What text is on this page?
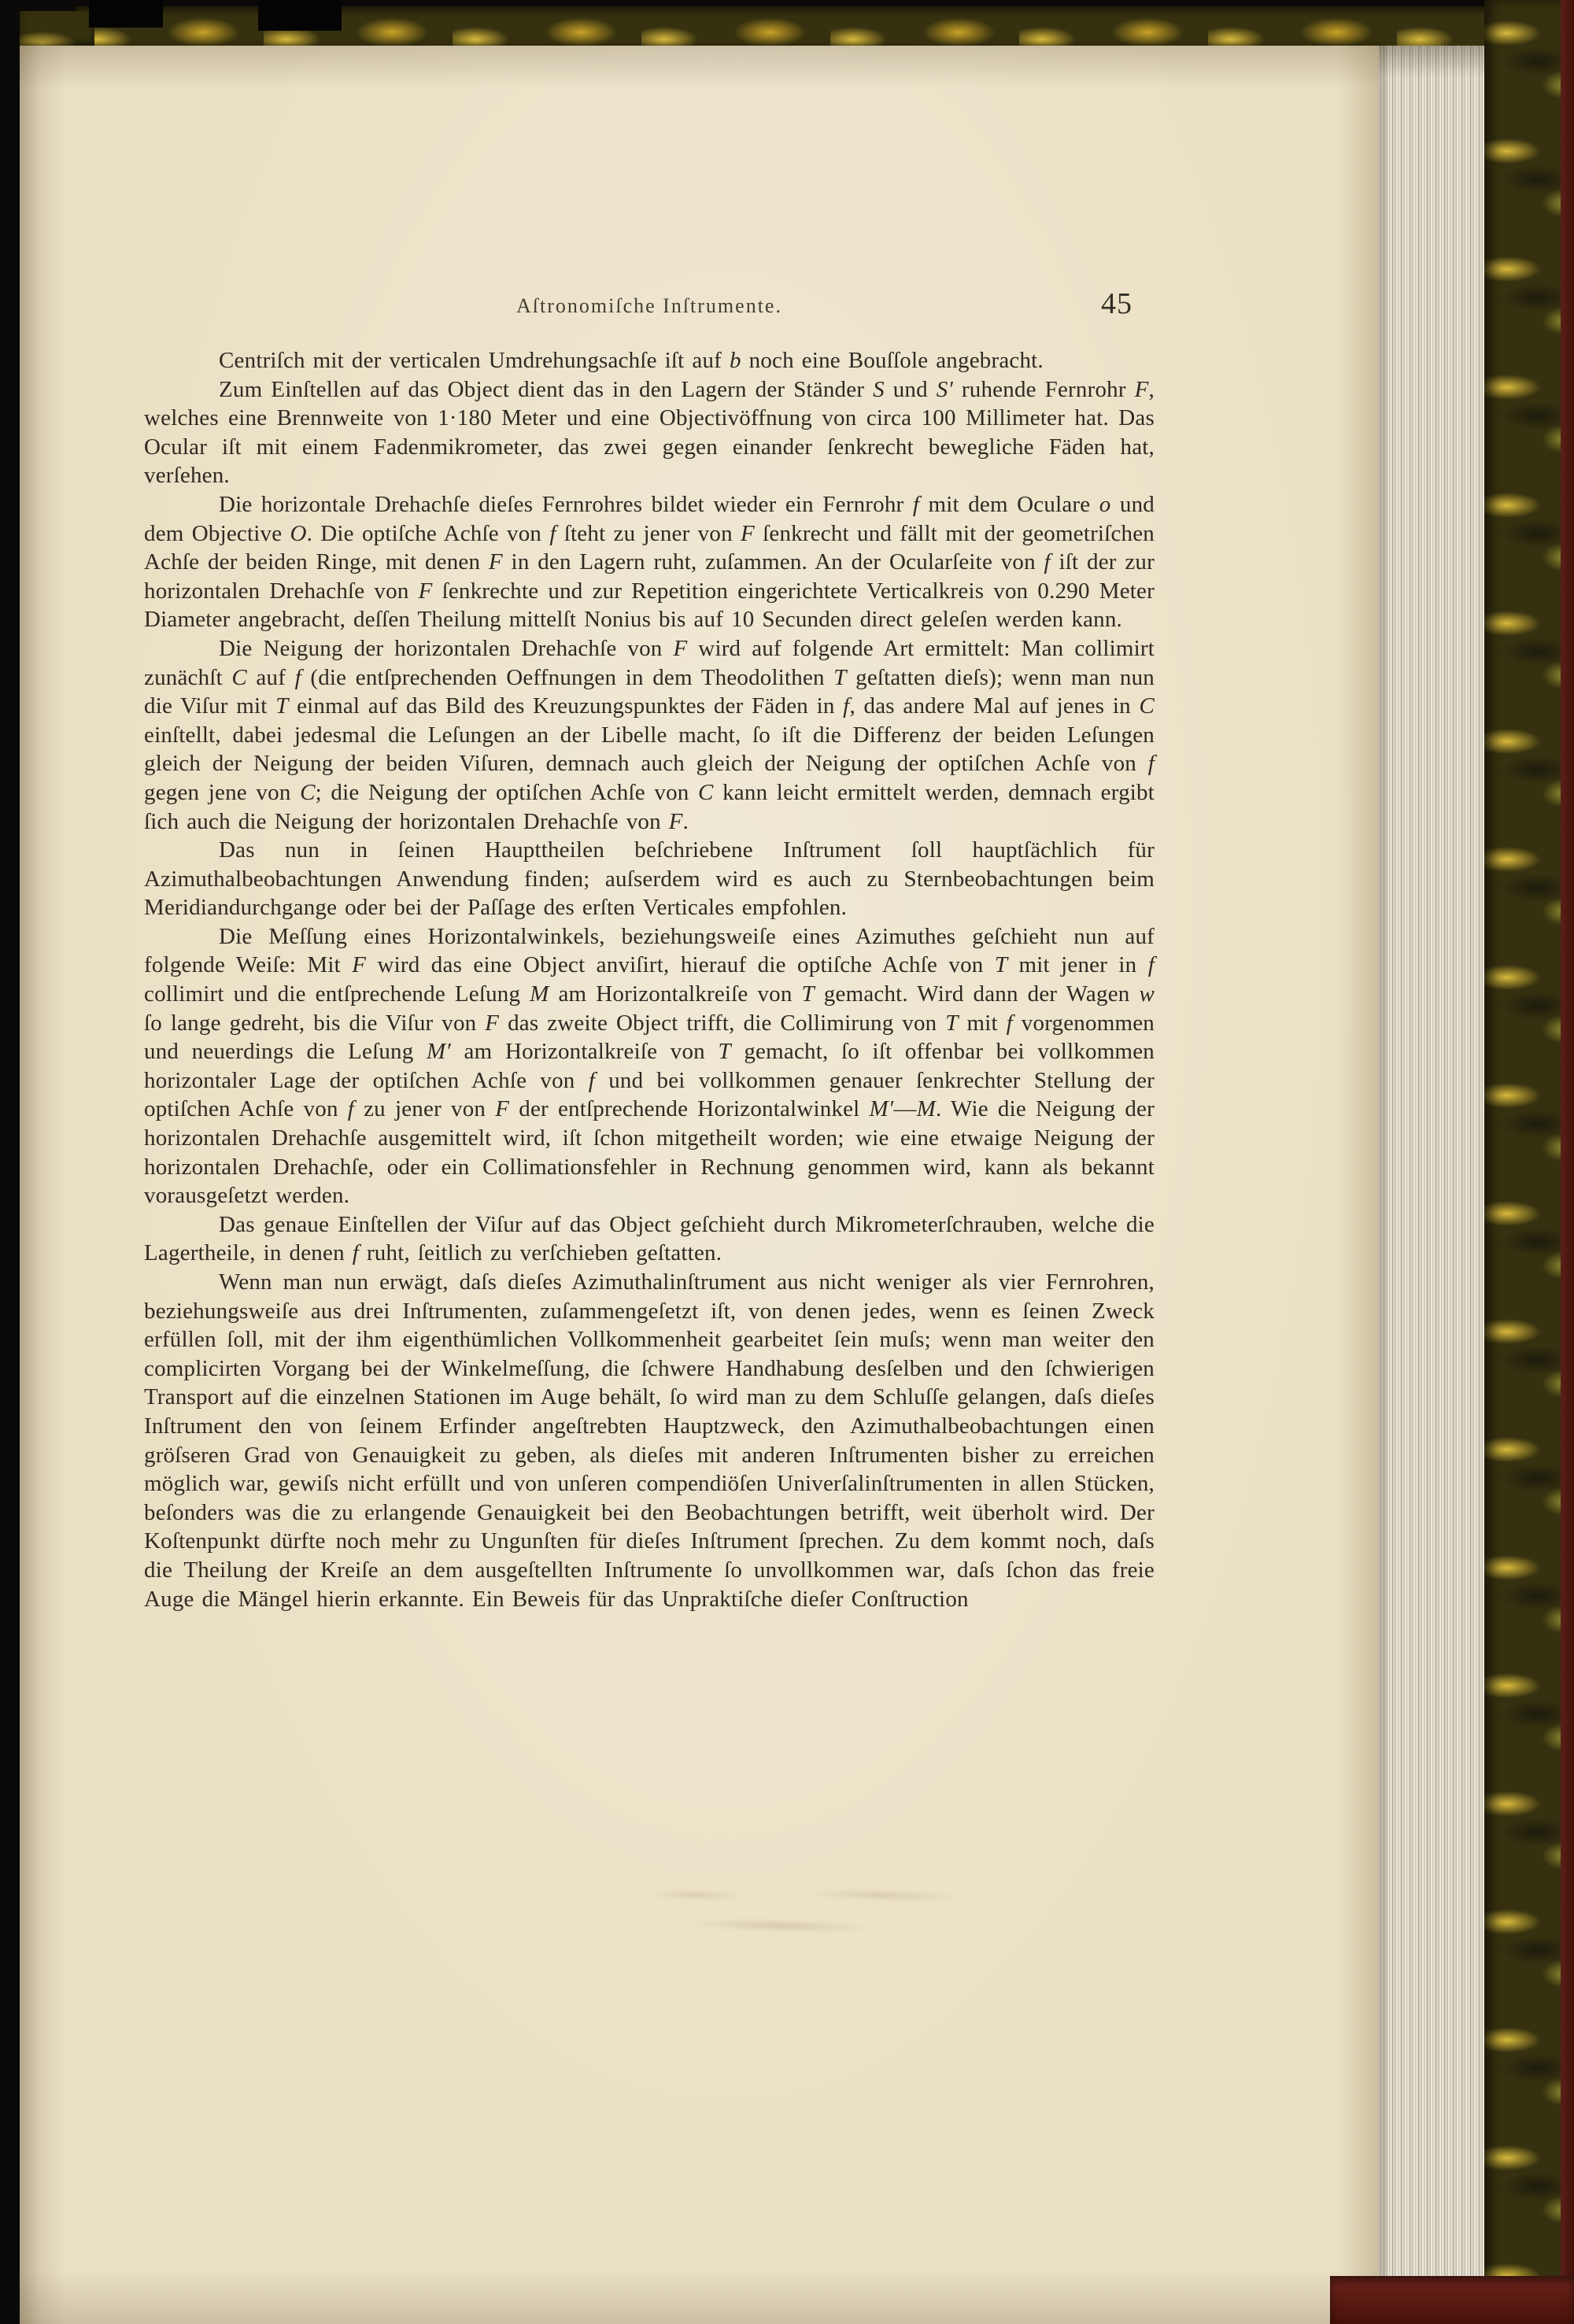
Aſtronomiſche Inſtrumente.	45

Centriſch mit der verticalen Umdrehungsachſe iſt auf b noch eine Bouſſole angebracht.

Zum Einſtellen auf das Object dient das in den Lagern der Ständer S und S′ ruhende Fernrohr F, welches eine Brennweite von 1·180 Meter und eine Objectivöffnung von circa 100 Millimeter hat. Das Ocular iſt mit einem Fadenmikrometer, das zwei gegen einander ſenkrecht bewegliche Fäden hat, verſehen.

Die horizontale Drehachſe dieſes Fernrohres bildet wieder ein Fernrohr f mit dem Oculare o und dem Objective O. Die optiſche Achſe von f ſteht zu jener von F ſenkrecht und fällt mit der geometriſchen Achſe der beiden Ringe, mit denen F in den Lagern ruht, zuſammen. An der Ocularſeite von f iſt der zur horizontalen Drehachſe von F ſenkrechte und zur Repetition eingerichtete Verticalkreis von 0.290 Meter Diameter angebracht, deſſen Theilung mittelſt Nonius bis auf 10 Secunden direct geleſen werden kann.

Die Neigung der horizontalen Drehachſe von F wird auf folgende Art ermittelt: Man collimirt zunächſt C auf f (die entſprechenden Oeffnungen in dem Theodolithen T geſtatten dieſs); wenn man nun die Viſur mit T einmal auf das Bild des Kreuzungspunktes der Fäden in f, das andere Mal auf jenes in C einſtellt, dabei jedesmal die Leſungen an der Libelle macht, ſo iſt die Differenz der beiden Leſungen gleich der Neigung der beiden Viſuren, demnach auch gleich der Neigung der optiſchen Achſe von f gegen jene von C; die Neigung der optiſchen Achſe von C kann leicht ermittelt werden, demnach ergibt ſich auch die Neigung der horizontalen Drehachſe von F.

Das nun in ſeinen Haupttheilen beſchriebene Inſtrument ſoll hauptſächlich für Azimuthalbeobachtungen Anwendung finden; auſserdem wird es auch zu Sternbeobachtungen beim Meridiandurchgange oder bei der Paſſage des erſten Verticales empfohlen.

Die Meſſung eines Horizontalwinkels, beziehungsweiſe eines Azimuthes geſchieht nun auf folgende Weiſe: Mit F wird das eine Object anviſirt, hierauf die optiſche Achſe von T mit jener in f collimirt und die entſprechende Leſung M am Horizontalkreiſe von T gemacht. Wird dann der Wagen w ſo lange gedreht, bis die Viſur von F das zweite Object trifft, die Collimirung von T mit f vorgenommen und neuerdings die Leſung M′ am Horizontalkreiſe von T gemacht, ſo iſt offenbar bei vollkommen horizontaler Lage der optiſchen Achſe von f und bei vollkommen genauer ſenkrechter Stellung der optiſchen Achſe von f zu jener von F der entſprechende Horizontalwinkel M′—M. Wie die Neigung der horizontalen Drehachſe ausgemittelt wird, iſt ſchon mitgetheilt worden; wie eine etwaige Neigung der horizontalen Drehachſe, oder ein Collimationsfehler in Rechnung genommen wird, kann als bekannt vorausgeſetzt werden.

Das genaue Einſtellen der Viſur auf das Object geſchieht durch Mikrometerſchrauben, welche die Lagertheile, in denen f ruht, ſeitlich zu verſchieben geſtatten.

Wenn man nun erwägt, daſs dieſes Azimuthalinſtrument aus nicht weniger als vier Fernrohren, beziehungsweiſe aus drei Inſtrumenten, zuſammengeſetzt iſt, von denen jedes, wenn es ſeinen Zweck erfüllen ſoll, mit der ihm eigenthümlichen Vollkommenheit gearbeitet ſein muſs; wenn man weiter den complicirten Vorgang bei der Winkelmeſſung, die ſchwere Handhabung desſelben und den ſchwierigen Transport auf die einzelnen Stationen im Auge behält, ſo wird man zu dem Schluſſe gelangen, daſs dieſes Inſtrument den von ſeinem Erfinder angeſtrebten Hauptzweck, den Azimuthalbeobachtungen einen gröſseren Grad von Genauigkeit zu geben, als dieſes mit anderen Inſtrumenten bisher zu erreichen möglich war, gewiſs nicht erfüllt und von unſeren compendiöſen Univerſalinſtrumenten in allen Stücken, beſonders was die zu erlangende Genauigkeit bei den Beobachtungen betrifft, weit überholt wird. Der Koſtenpunkt dürfte noch mehr zu Ungunſten für dieſes Inſtrument ſprechen. Zu dem kommt noch, daſs die Theilung der Kreiſe an dem ausgeſtellten Inſtrumente ſo unvollkommen war, daſs ſchon das freie Auge die Mängel hierin erkannte. Ein Beweis für das Unpraktiſche dieſer Conſtruction
